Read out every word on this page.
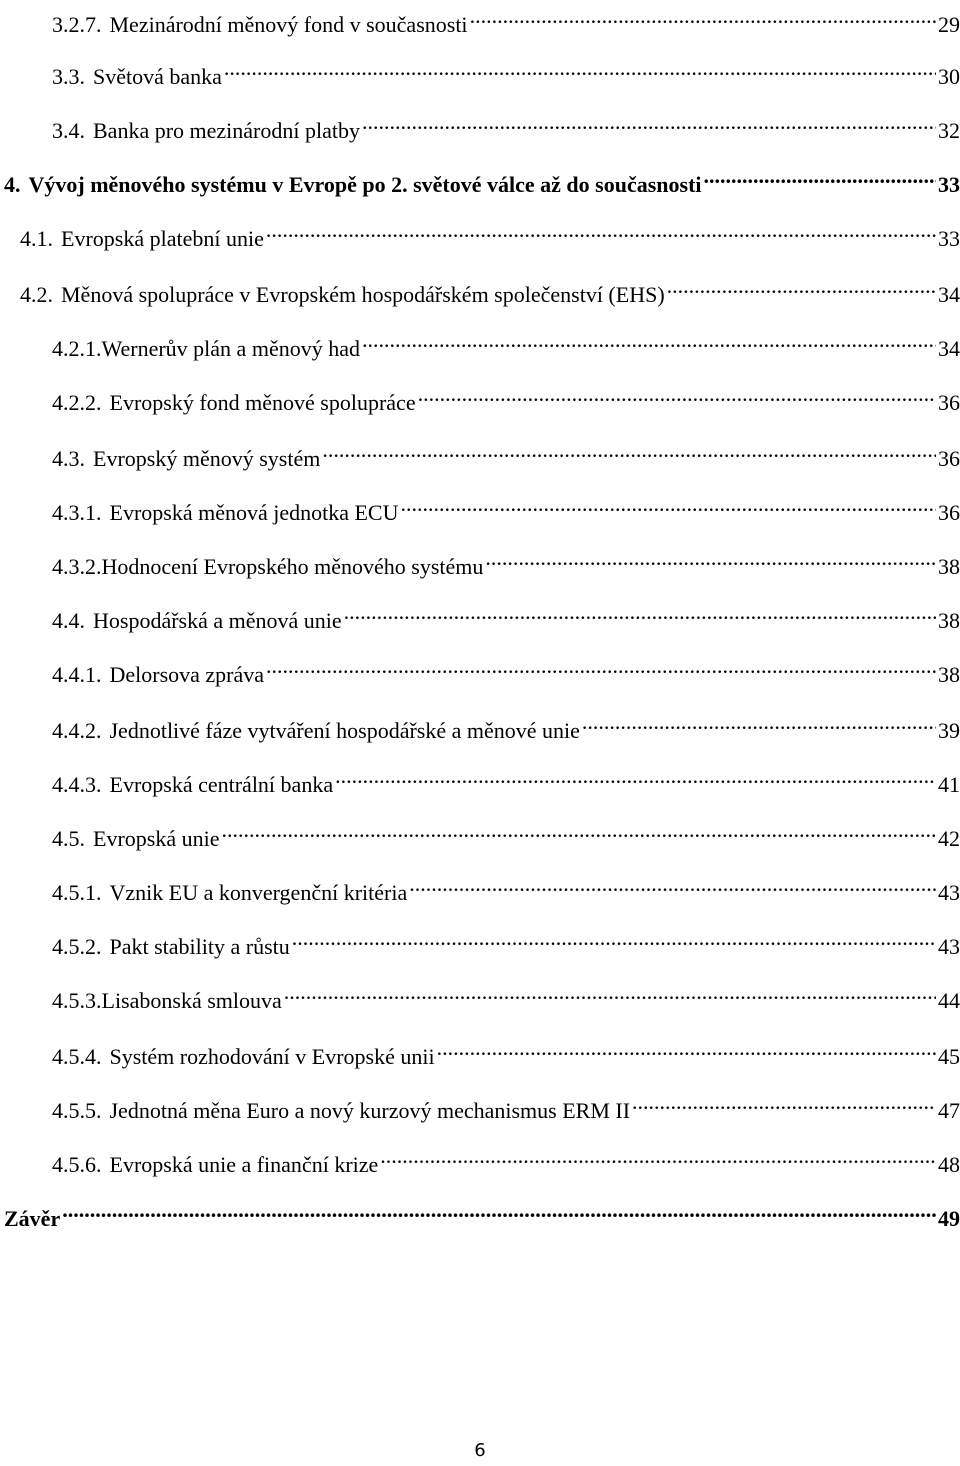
3.2.7. Mezinárodní měnový fond v současnosti .....	29
3.3. Světová banka .....	30
3.4. Banka pro mezinárodní platby .....	32
4. Vývoj měnového systému v Evropě po 2. světové válce až do současnosti .....	33
4.1. Evropská platební unie .....	33
4.2. Měnová spolupráce v Evropském hospodářském společenství (EHS) .....	34
4.2.1. Wernerův plán a měnový had .....	34
4.2.2. Evropský fond měnové spolupráce .....	36
4.3. Evropský měnový systém .....	36
4.3.1. Evropská měnová jednotka ECU .....	36
4.3.2. Hodnocení Evropského měnového systému .....	38
4.4. Hospodářská a měnová unie .....	38
4.4.1. Delorsova zpráva .....	38
4.4.2. Jednotlivé fáze vytváření hospodářské a měnové unie .....	39
4.4.3. Evropská centrální banka .....	41
4.5. Evropská unie .....	42
4.5.1. Vznik EU a konvergenční kritéria .....	43
4.5.2. Pakt stability a růstu .....	43
4.5.3. Lisabonská smlouva .....	44
4.5.4. Systém rozhodování v Evropské unii .....	45
4.5.5. Jednotná měna Euro a nový kurzový mechanismus ERM II .....	47
4.5.6. Evropská unie a finanční krize .....	48
Závěr .....	49
6
